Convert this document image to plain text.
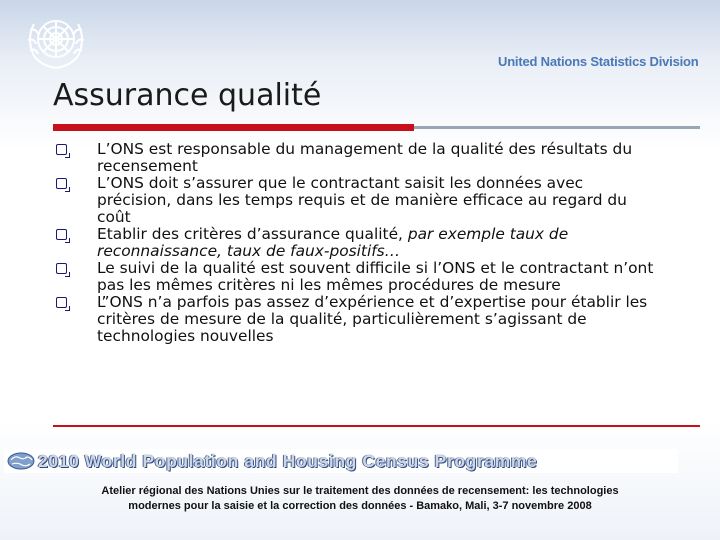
United Nations Statistics Division
Assurance qualité
L’ONS est responsable du management de la qualité des résultats du recensement
L’ONS doit s’assurer que le contractant saisit les données avec précision, dans les temps requis et de manière efficace au regard du coût
Etablir des critères d’assurance qualité, par exemple taux de reconnaissance, taux de faux-positifs…
Le suivi de la qualité est souvent difficile si l’ONS et le contractant n’ont pas les mêmes critères ni les mêmes procédures de mesure
L”ONS n’a parfois pas assez d’expérience et d’expertise pour établir les critères de mesure de la qualité, particulièrement s’agissant de technologies nouvelles
2010 World Population and Housing Census Programme

Atelier régional des Nations Unies sur le traitement des données de recensement: les technologies
modernes pour la saisie et la correction des données - Bamako, Mali, 3-7 novembre 2008
